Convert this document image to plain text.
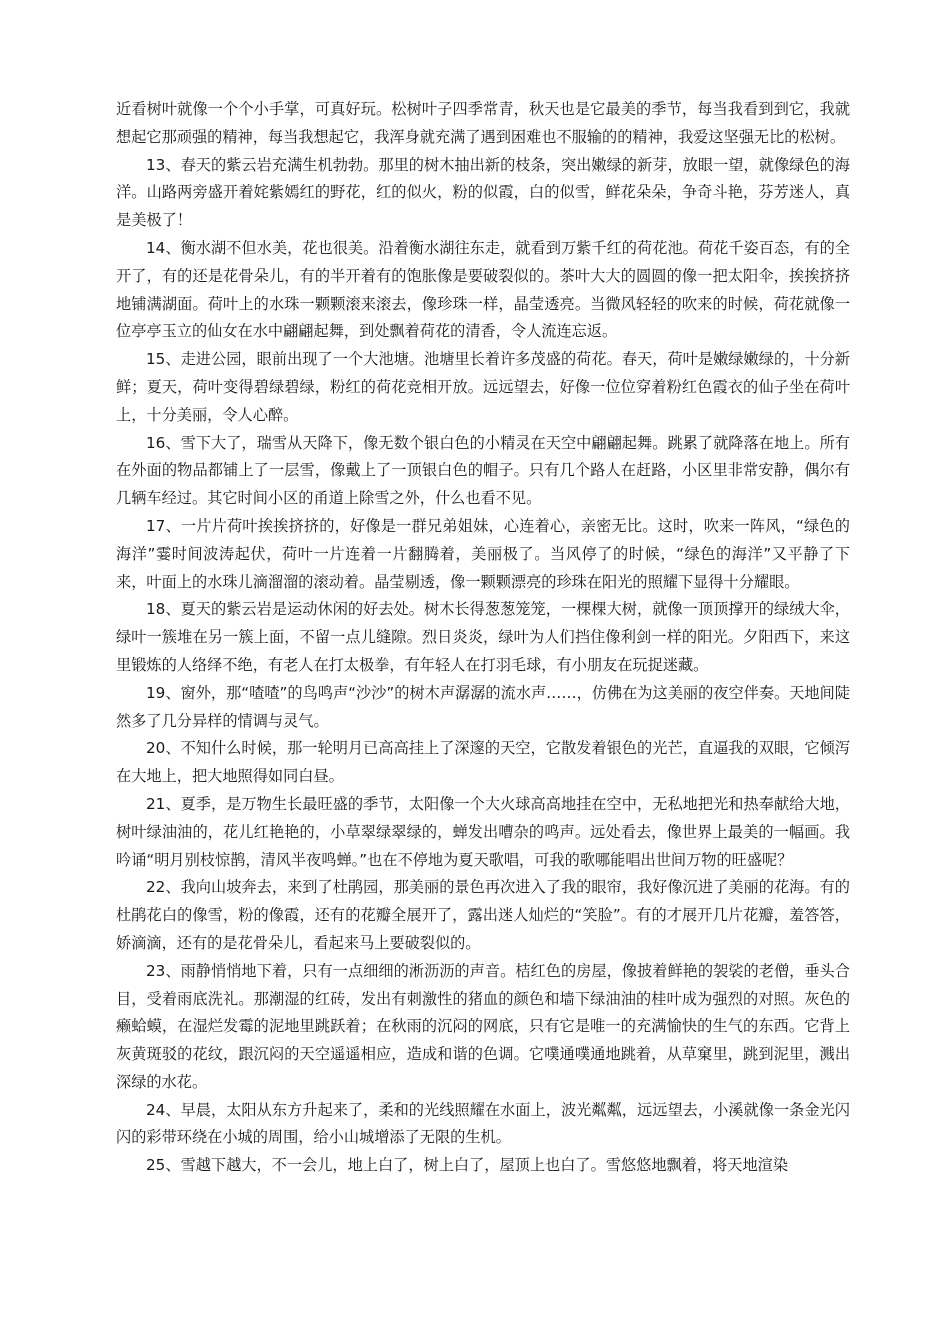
近看树叶就像一个个小手掌，可真好玩。松树叶子四季常青，秋天也是它最美的季节，每当我看到到它，我就想起它那顽强的精神，每当我想起它，我浑身就充满了遇到困难也不服输的的精神，我爱这坚强无比的松树。

13、春天的紫云岩充满生机勃勃。那里的树木抽出新的枝条，突出嫩绿的新芽，放眼一望，就像绿色的海洋。山路两旁盛开着姹紫嫣红的野花，红的似火，粉的似霞，白的似雪，鲜花朵朵，争奇斗艳，芬芳迷人，真是美极了！

14、衡水湖不但水美，花也很美。沿着衡水湖往东走，就看到万紫千红的荷花池。荷花千姿百态，有的全开了，有的还是花骨朵儿，有的半开着有的饱胀像是要破裂似的。茶叶大大的圆圆的像一把太阳伞，挨挨挤挤地铺满湖面。荷叶上的水珠一颗颗滚来滚去，像珍珠一样，晶莹透亮。当微风轻轻的吹来的时候，荷花就像一位亭亭玉立的仙女在水中翩翩起舞，到处飘着荷花的清香，令人流连忘返。

15、走进公园，眼前出现了一个大池塘。池塘里长着许多茂盛的荷花。春天，荷叶是嫩绿嫩绿的，十分新鲜；夏天，荷叶变得碧绿碧绿，粉红的荷花竞相开放。远远望去，好像一位位穿着粉红色霞衣的仙子坐在荷叶上，十分美丽，令人心醉。

16、雪下大了，瑞雪从天降下，像无数个银白色的小精灵在天空中翩翩起舞。跳累了就降落在地上。所有在外面的物品都铺上了一层雪，像戴上了一顶银白色的帽子。只有几个路人在赶路，小区里非常安静，偶尔有几辆车经过。其它时间小区的甬道上除雪之外，什么也看不见。

17、一片片荷叶挨挨挤挤的，好像是一群兄弟姐妹，心连着心，亲密无比。这时，吹来一阵风，“绿色的海洋”霎时间波涛起伏，荷叶一片连着一片翻腾着，美丽极了。当风停了的时候，“绿色的海洋”又平静了下来，叶面上的水珠儿滴溜溜的滚动着。晶莹剔透，像一颗颗漂亮的珍珠在阳光的照耀下显得十分耀眼。

18、夏天的紫云岩是运动休闲的好去处。树木长得葱葱笼笼，一棵棵大树，就像一顶顶撑开的绿绒大伞，绿叶一簇堆在另一簇上面，不留一点儿缝隙。烈日炎炎，绿叶为人们挡住像利剑一样的阳光。夕阳西下，来这里锻炼的人络绎不绝，有老人在打太极拳，有年轻人在打羽毛球，有小朋友在玩捉迷藏。

19、窗外，那“喳喳”的鸟鸣声“沙沙”的树木声潺潺的流水声……，仿佛在为这美丽的夜空伴奏。天地间陡然多了几分异样的情调与灵气。

20、不知什么时候，那一轮明月已高高挂上了深邃的天空，它散发着银色的光芒，直逼我的双眼，它倾泻在大地上，把大地照得如同白昼。

21、夏季，是万物生长最旺盛的季节，太阳像一个大火球高高地挂在空中，无私地把光和热奉献给大地，树叶绿油油的，花儿红艳艳的，小草翠绿翠绿的，蝉发出嘈杂的鸣声。远处看去，像世界上最美的一幅画。我吟诵“明月别枝惊鹊，清风半夜鸣蝉。”也在不停地为夏天歌唱，可我的歌哪能唱出世间万物的旺盛呢？

22、我向山坡奔去，来到了杜鹃园，那美丽的景色再次进入了我的眼帘，我好像沉进了美丽的花海。有的杜鹃花白的像雪，粉的像霞，还有的花瓣全展开了，露出迷人灿烂的“笑脸”。有的才展开几片花瓣，羞答答，娇滴滴，还有的是花骨朵儿，看起来马上要破裂似的。

23、雨静悄悄地下着，只有一点细细的淅沥沥的声音。桔红色的房屋，像披着鲜艳的袈裟的老僧，垂头合目，受着雨底洗礼。那潮湿的红砖，发出有刺激性的猪血的颜色和墙下绿油油的桂叶成为强烈的对照。灰色的癞蛤蟆，在湿烂发霉的泥地里跳跃着；在秋雨的沉闷的网底，只有它是唯一的充满愉快的生气的东西。它背上灰黄斑驳的花纹，跟沉闷的天空遥遥相应，造成和谐的色调。它噗通噗通地跳着，从草窠里，跳到泥里，溅出深绿的水花。

24、早晨，太阳从东方升起来了，柔和的光线照耀在水面上，波光粼粼，远远望去，小溪就像一条金光闪闪的彩带环绕在小城的周围，给小山城增添了无限的生机。

25、雪越下越大，不一会儿，地上白了，树上白了，屋顶上也白了。雪悠悠地飘着，将天地渲染
